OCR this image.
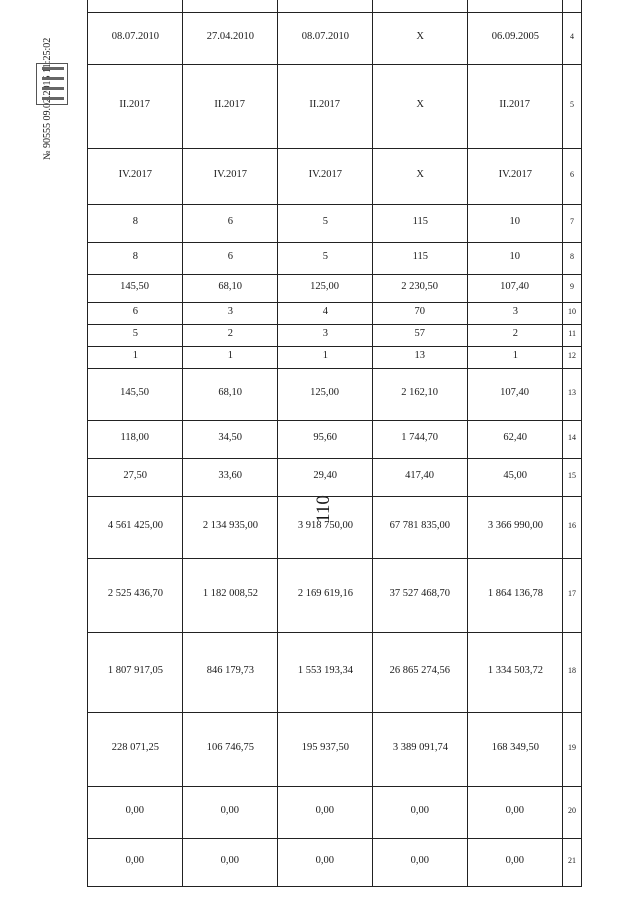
110
21	0,00	0,00	0,00	0,00	0,00
20	0,00	0,00	0,00	0,00	0,00
19	168 349,50	3 389 091,74	195 937,50	106 746,75	228 071,25
18	1 334 503,72	26 865 274,56	1 553 193,34	846 179,73	1 807 917,05
17	1 864 136,78	37 527 468,70	2 169 619,16	1 182 008,52	2 525 436,70
16	3 366 990,00	67 781 835,00	3 918 750,00	2 134 935,00	4 561 425,00
15	45,00	417,40	29,40	33,60	27,50
14	62,40	1 744,70	95,60	34,50	118,00
13	107,40	2 162,10	125,00	68,10	145,50
12	1	13	1	1	1
11	2	57	3	2	5
10	3	70	4	3	6
9	107,40	2 230,50	125,00	68,10	145,50
8	10	115	5	6	8
7	10	115	5	6	8
6	IV.2017	X	IV.2017	IV.2017	IV.2017
5	II.2017	X	II.2017	II.2017	II.2017
4	06.09.2005	X	08.07.2010	27.04.2010	08.07.2010
